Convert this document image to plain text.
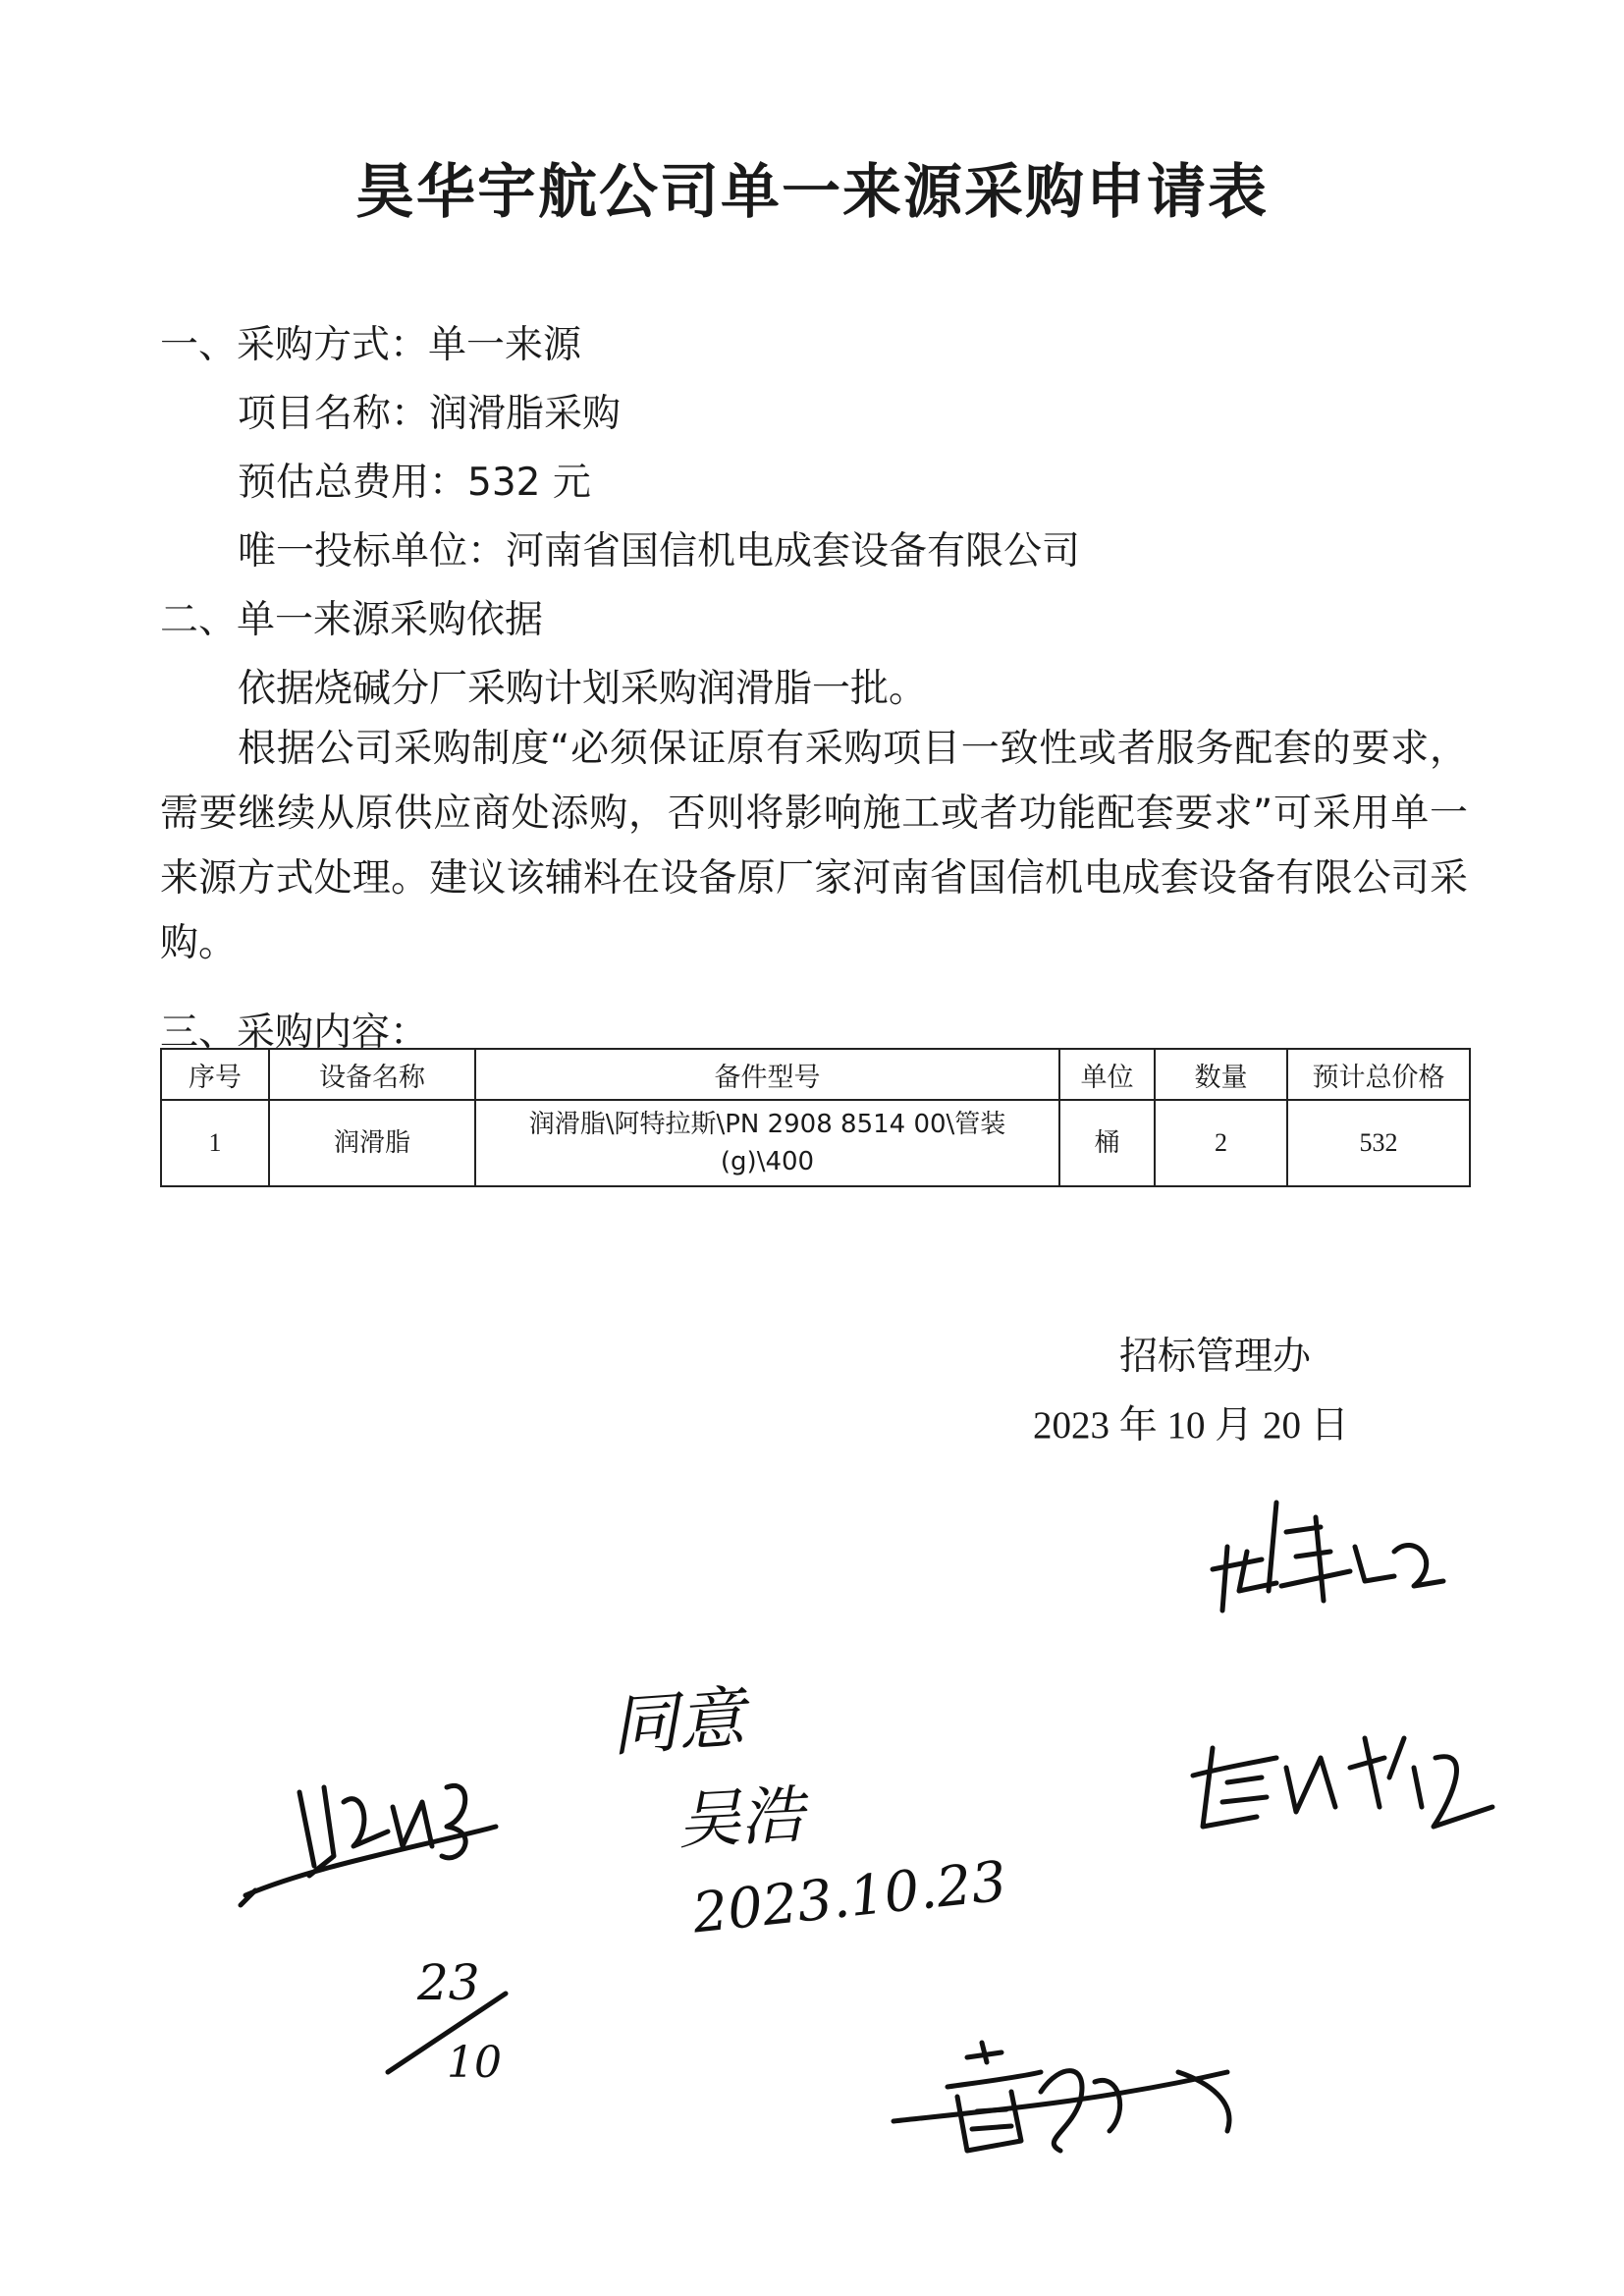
昊华宇航公司单一来源采购申请表
一、采购方式：单一来源
项目名称：润滑脂采购
预估总费用：532 元
唯一投标单位：河南省国信机电成套设备有限公司
二、单一来源采购依据
依据烧碱分厂采购计划采购润滑脂一批。
根据公司采购制度“必须保证原有采购项目一致性或者服务配套的要求，需要继续从原供应商处添购，否则将影响施工或者功能配套要求”可采用单一来源方式处理。建议该辅料在设备原厂家河南省国信机电成套设备有限公司采购。
三、采购内容：
序号	设备名称	备件型号	单位	数量	预计总价格
1	润滑脂	润滑脂\阿特拉斯\PN 2908 8514 00\管装(g)\400	桶	2	532
招标管理办
2023 年 10 月 20 日
同意
吴浩
2023.10.23
23
10
